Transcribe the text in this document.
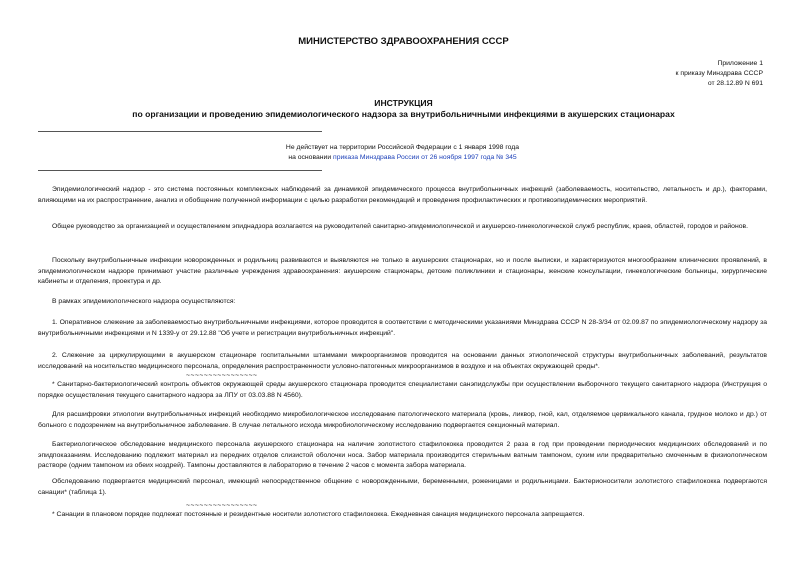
МИНИСТЕРСТВО ЗДРАВООХРАНЕНИЯ СССР
Приложение 1
к приказу Минздрава СССР
от 28.12.89 N 691
ИНСТРУКЦИЯ
по организации и проведению эпидемиологического надзора за внутрибольничными инфекциями в акушерских стационарах
Не действует на территории Российской Федерации с 1 января 1998 года
на основании приказа Минздрава России от 26 ноября 1997 года № 345
Эпидемиологический надзор - это система постоянных комплексных наблюдений за динамикой эпидемического процесса внутрибольничных инфекций (заболеваемость, носительство, летальность и др.), факторами, влияющими на их распространение, анализ и обобщение полученной информации с целью разработки рекомендаций и проведения профилактических и противоэпидемических мероприятий.
Общее руководство за организацией и осуществлением эпиднадзора возлагается на руководителей санитарно-эпидемиологической и акушерско-гинекологической служб республик, краев, областей, городов и районов.
Поскольку внутрибольничные инфекции новорожденных и родильниц развиваются и выявляются не только в акушерских стационарах, но и после выписки, и характеризуются многообразием клинических проявлений, в эпидемиологическом надзоре принимают участие различные учреждения здравоохранения: акушерские стационары, детские поликлиники и стационары, женские консультации, гинекологические больницы, хирургические кабинеты и отделения, проектура и др.
В рамках эпидемиологического надзора осуществляются:
1. Оперативное слежение за заболеваемостью внутрибольничными инфекциями, которое проводится в соответствии с методическими указаниями Минздрава СССР N 28-3/34 от 02.09.87 по эпидемиологическому надзору за внутрибольничными инфекциями и N 1339-у от 29.12.88 "Об учете и регистрации внутрибольничных инфекций".
2. Слежение за циркулирующими в акушерском стационаре госпитальными штаммами микроорганизмов проводится на основании данных этиологической структуры внутрибольничных заболеваний, результатов исследований на носительство медицинского персонала, определения распространенности условно-патогенных микроорганизмов в воздухе и на объектах окружающей среды*.
~~~~~~~~~~~~~~~~
* Санитарно-бактериологический контроль объектов окружающей среды акушерского стационара проводится специалистами санэпидслужбы при осуществлении выборочного текущего санитарного надзора (Инструкция о порядке осуществления текущего санитарного надзора за ЛПУ от 03.03.88 N 4560).
Для расшифровки этиологии внутрибольничных инфекций необходимо микробиологическое исследование патологического материала (кровь, ликвор, гной, кал, отделяемое цервикального канала, грудное молоко и др.) от больного с подозрением на внутрибольничное заболевание. В случае летального исхода микробиологическому исследованию подвергается секционный материал.
Бактериологическое обследование медицинского персонала акушерского стационара на наличие золотистого стафилококка проводится 2 раза в год при проведении периодических медицинских обследований и по эпидпоказаниям. Исследованию подлежит материал из передних отделов слизистой оболочки носа. Забор материала производится стерильным ватным тампоном, сухим или предварительно смоченным в физиологическом растворе (одним тампоном из обеих ноздрей). Тампоны доставляются в лабораторию в течение 2 часов с момента забора материала.
Обследованию подвергается медицинский персонал, имеющий непосредственное общение с новорожденными, беременными, роженицами и родильницами. Бактерионосители золотистого стафилококка подвергаются санации* (таблица 1).
~~~~~~~~~~~~~~~~
* Санации в плановом порядке подлежат постоянные и резидентные носители золотистого стафилококка. Ежедневная санация медицинского персонала запрещается.
